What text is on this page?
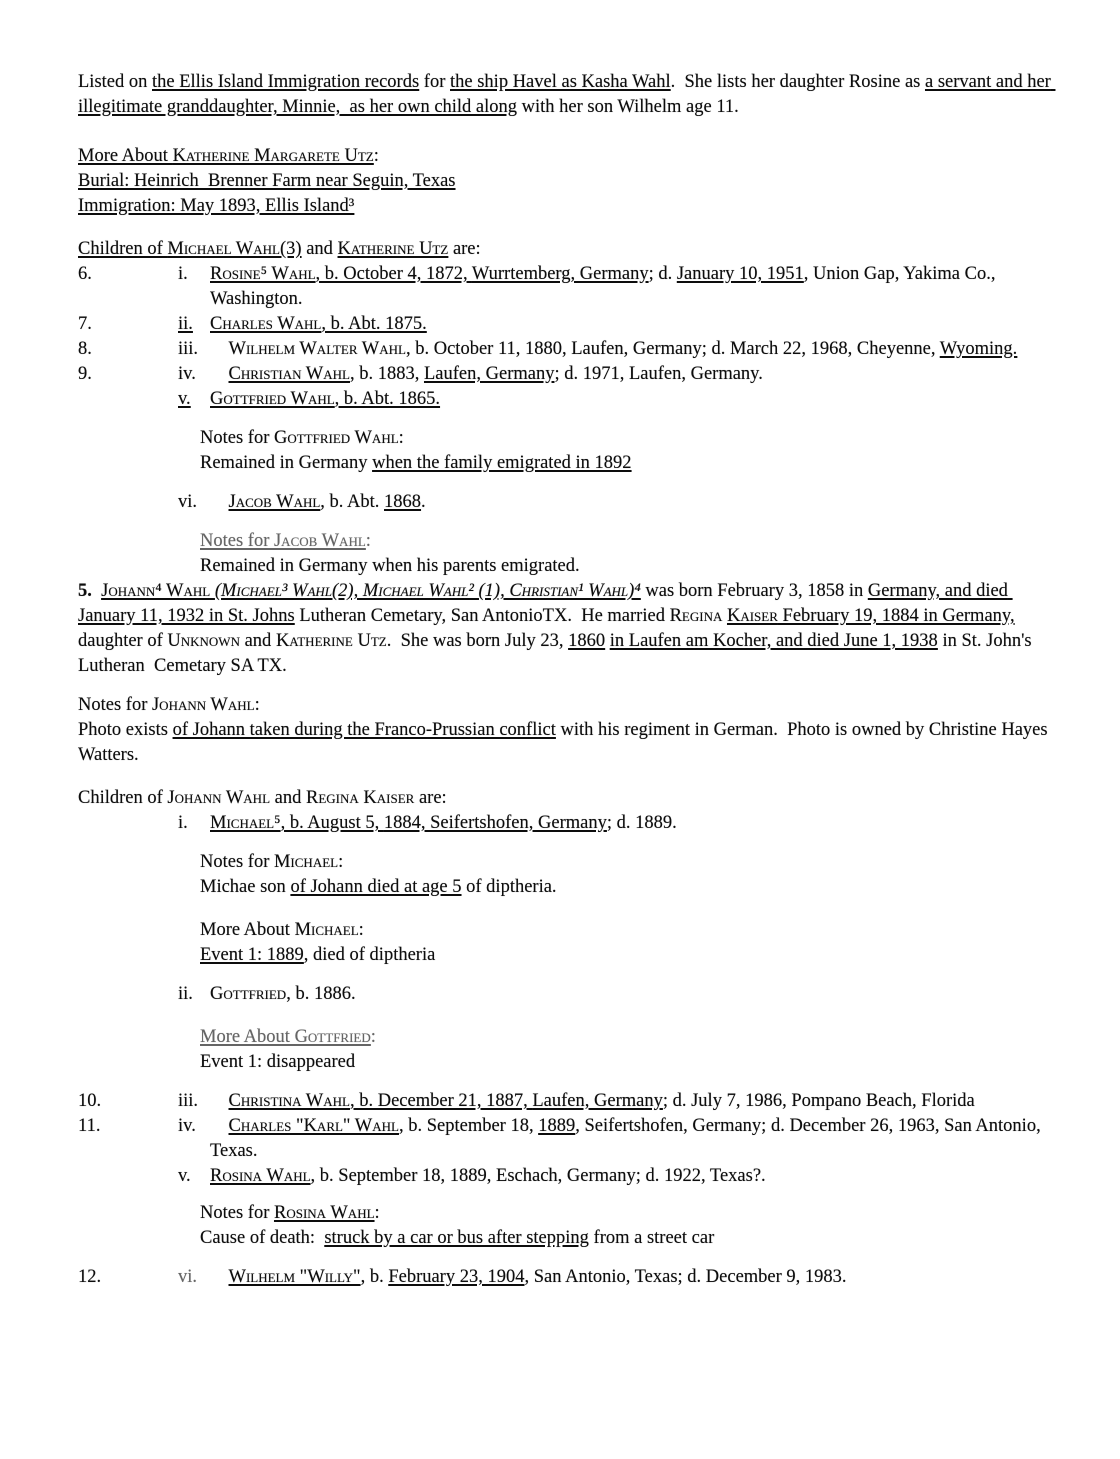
Listed on the Ellis Island Immigration records for the ship Havel as Kasha Wahl.  She lists her daughter Rosine as a servant and her illegitimate granddaughter, Minnie,  as her own child along with her son Wilhelm age 11.

More About Katherine Margarete Utz:
Burial: Heinrich  Brenner Farm near Seguin, Texas
Immigration: May 1893, Ellis Island³
Children of Michael Wahl(3) and Katherine Utz are:
6.	i. Rosine⁵ Wahl, b. October 4, 1872, Wurrtemberg, Germany; d. January 10, 1951, Union Gap, Yakima Co., Washington.
7.	ii. Charles Wahl, b. Abt. 1875.
8.	iii.	Wilhelm Walter Wahl, b. October 11, 1880, Laufen, Germany; d. March 22, 1968, Cheyenne, Wyoming.
9.	iv.	Christian Wahl, b. 1883, Laufen, Germany; d. 1971, Laufen, Germany.
v.	Gottfried Wahl, b. Abt. 1865.
Notes for Gottfried Wahl:
Remained in Germany when the family emigrated in 1892
vi.	Jacob Wahl, b. Abt. 1868.
Notes for Jacob Wahl:
Remained in Germany when his parents emigrated.

5. Johann⁴ Wahl (Michael³ Wahl(2), Michael Wahl² (1), Christian¹ Wahl)⁴ was born February 3, 1858 in Germany, and died January 11, 1932 in St. Johns Lutheran Cemetary, San AntonioTX.  He married Regina Kaiser February 19, 1884 in Germany, daughter of Unknown and Katherine Utz.  She was born July 23, 1860 in Laufen am Kocher, and died June 1, 1938 in St. John's Lutheran  Cemetary SA TX.

Notes for Johann Wahl:
Photo exists of Johann taken during the Franco-Prussian conflict with his regiment in German.  Photo is owned by Christine Hayes Watters.
Children of Johann Wahl and Regina Kaiser are:
i.	Michael⁵, b. August 5, 1884, Seifertshofen, Germany; d. 1889.
Notes for Michael:
Michae son of Johann died at age 5 of diptheria.
More About Michael:
Event 1: 1889, died of diptheria
ii. Gottfried, b. 1886.
More About Gottfried:
Event 1: disappeared
10.	iii.	Christina Wahl, b. December 21, 1887, Laufen, Germany; d. July 7, 1986, Pompano Beach, Florida
11.	iv.	Charles "Karl" Wahl, b. September 18, 1889, Seifertshofen, Germany; d. December 26, 1963, San Antonio, Texas.
v.	Rosina Wahl, b. September 18, 1889, Eschach, Germany; d. 1922, Texas?.
Notes for Rosina Wahl:
Cause of death:  struck by a car or bus after stepping from a street car
12.	vi.	Wilhelm "Willy", b. February 23, 1904, San Antonio, Texas; d. December 9, 1983.
